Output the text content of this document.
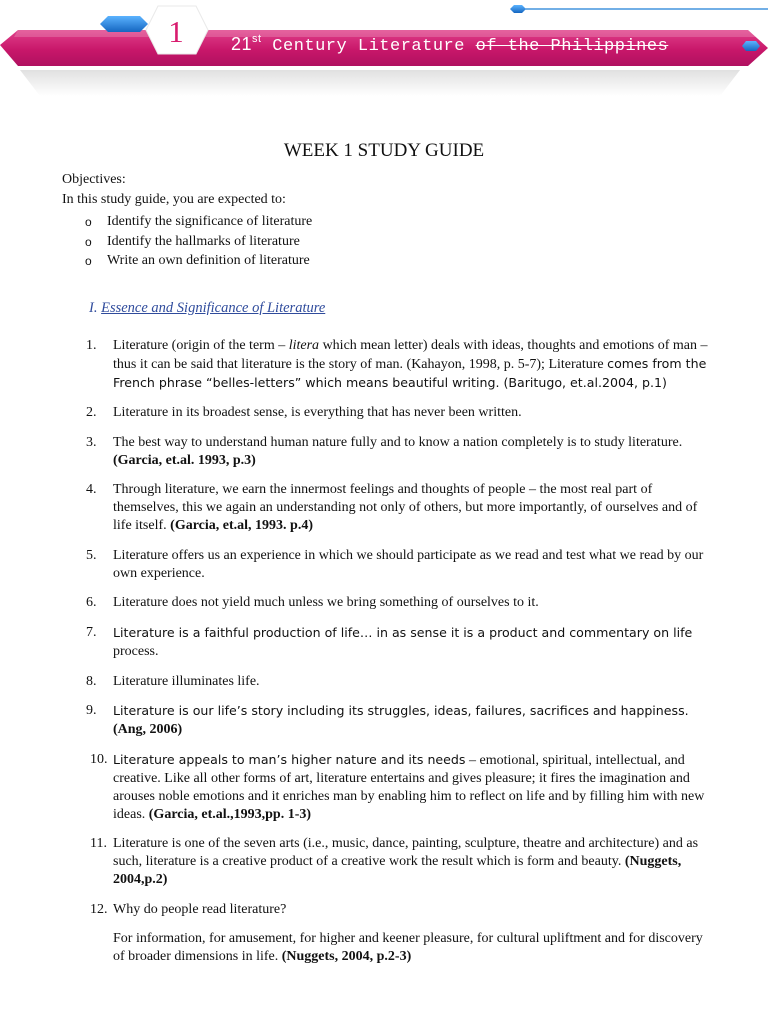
1	21st Century Literature of the Philippines
WEEK 1 STUDY GUIDE

Objectives:

In this study guide, you are expected to:

o Identify the significance of literature
o Identify the hallmarks of literature
o Write an own definition of literature

I. Essence and Significance of Literature

1.	Literature (origin of the term – litera which mean letter) deals with ideas, thoughts and emotions of man – thus it can be said that literature is the story of man. (Kahayon, 1998, p. 5-7); Literature comes from the French phrase “belles-letters” which means beautiful writing. (Baritugo, et.al.2004, p.1)
2.	Literature in its broadest sense, is everything that has never been written.
3.	The best way to understand human nature fully and to know a nation completely is to study literature. (Garcia, et.al. 1993, p.3)
4.	Through literature, we earn the innermost feelings and thoughts of people – the most real part of themselves, this we again an understanding not only of others, but more importantly, of ourselves and of life itself. (Garcia, et.al, 1993. p.4)
5.	Literature offers us an experience in which we should participate as we read and test what we read by our own experience.
6.	Literature does not yield much unless we bring something of ourselves to it.
7.	Literature is a faithful production of life… in as sense it is a product and commentary on life process.
8.	Literature illuminates life.
9.	Literature is our life’s story including its struggles, ideas, failures, sacrifices and happiness.
(Ang, 2006)
10. Literature appeals to man’s higher nature and its needs – emotional, spiritual, intellectual, and creative. Like all other forms of art, literature entertains and gives pleasure; it fires the imagination and arouses noble emotions and it enriches man by enabling him to reflect on life and by filling him with new ideas. (Garcia, et.al.,1993,pp. 1-3)
11. Literature is one of the seven arts (i.e., music, dance, painting, sculpture, theatre and architecture) and as such, literature is a creative product of a creative work the result which is form and beauty. (Nuggets, 2004,p.2)
12. Why do people read literature?

For information, for amusement, for higher and keener pleasure, for cultural upliftment and for discovery of broader dimensions in life. (Nuggets, 2004, p.2-3)
